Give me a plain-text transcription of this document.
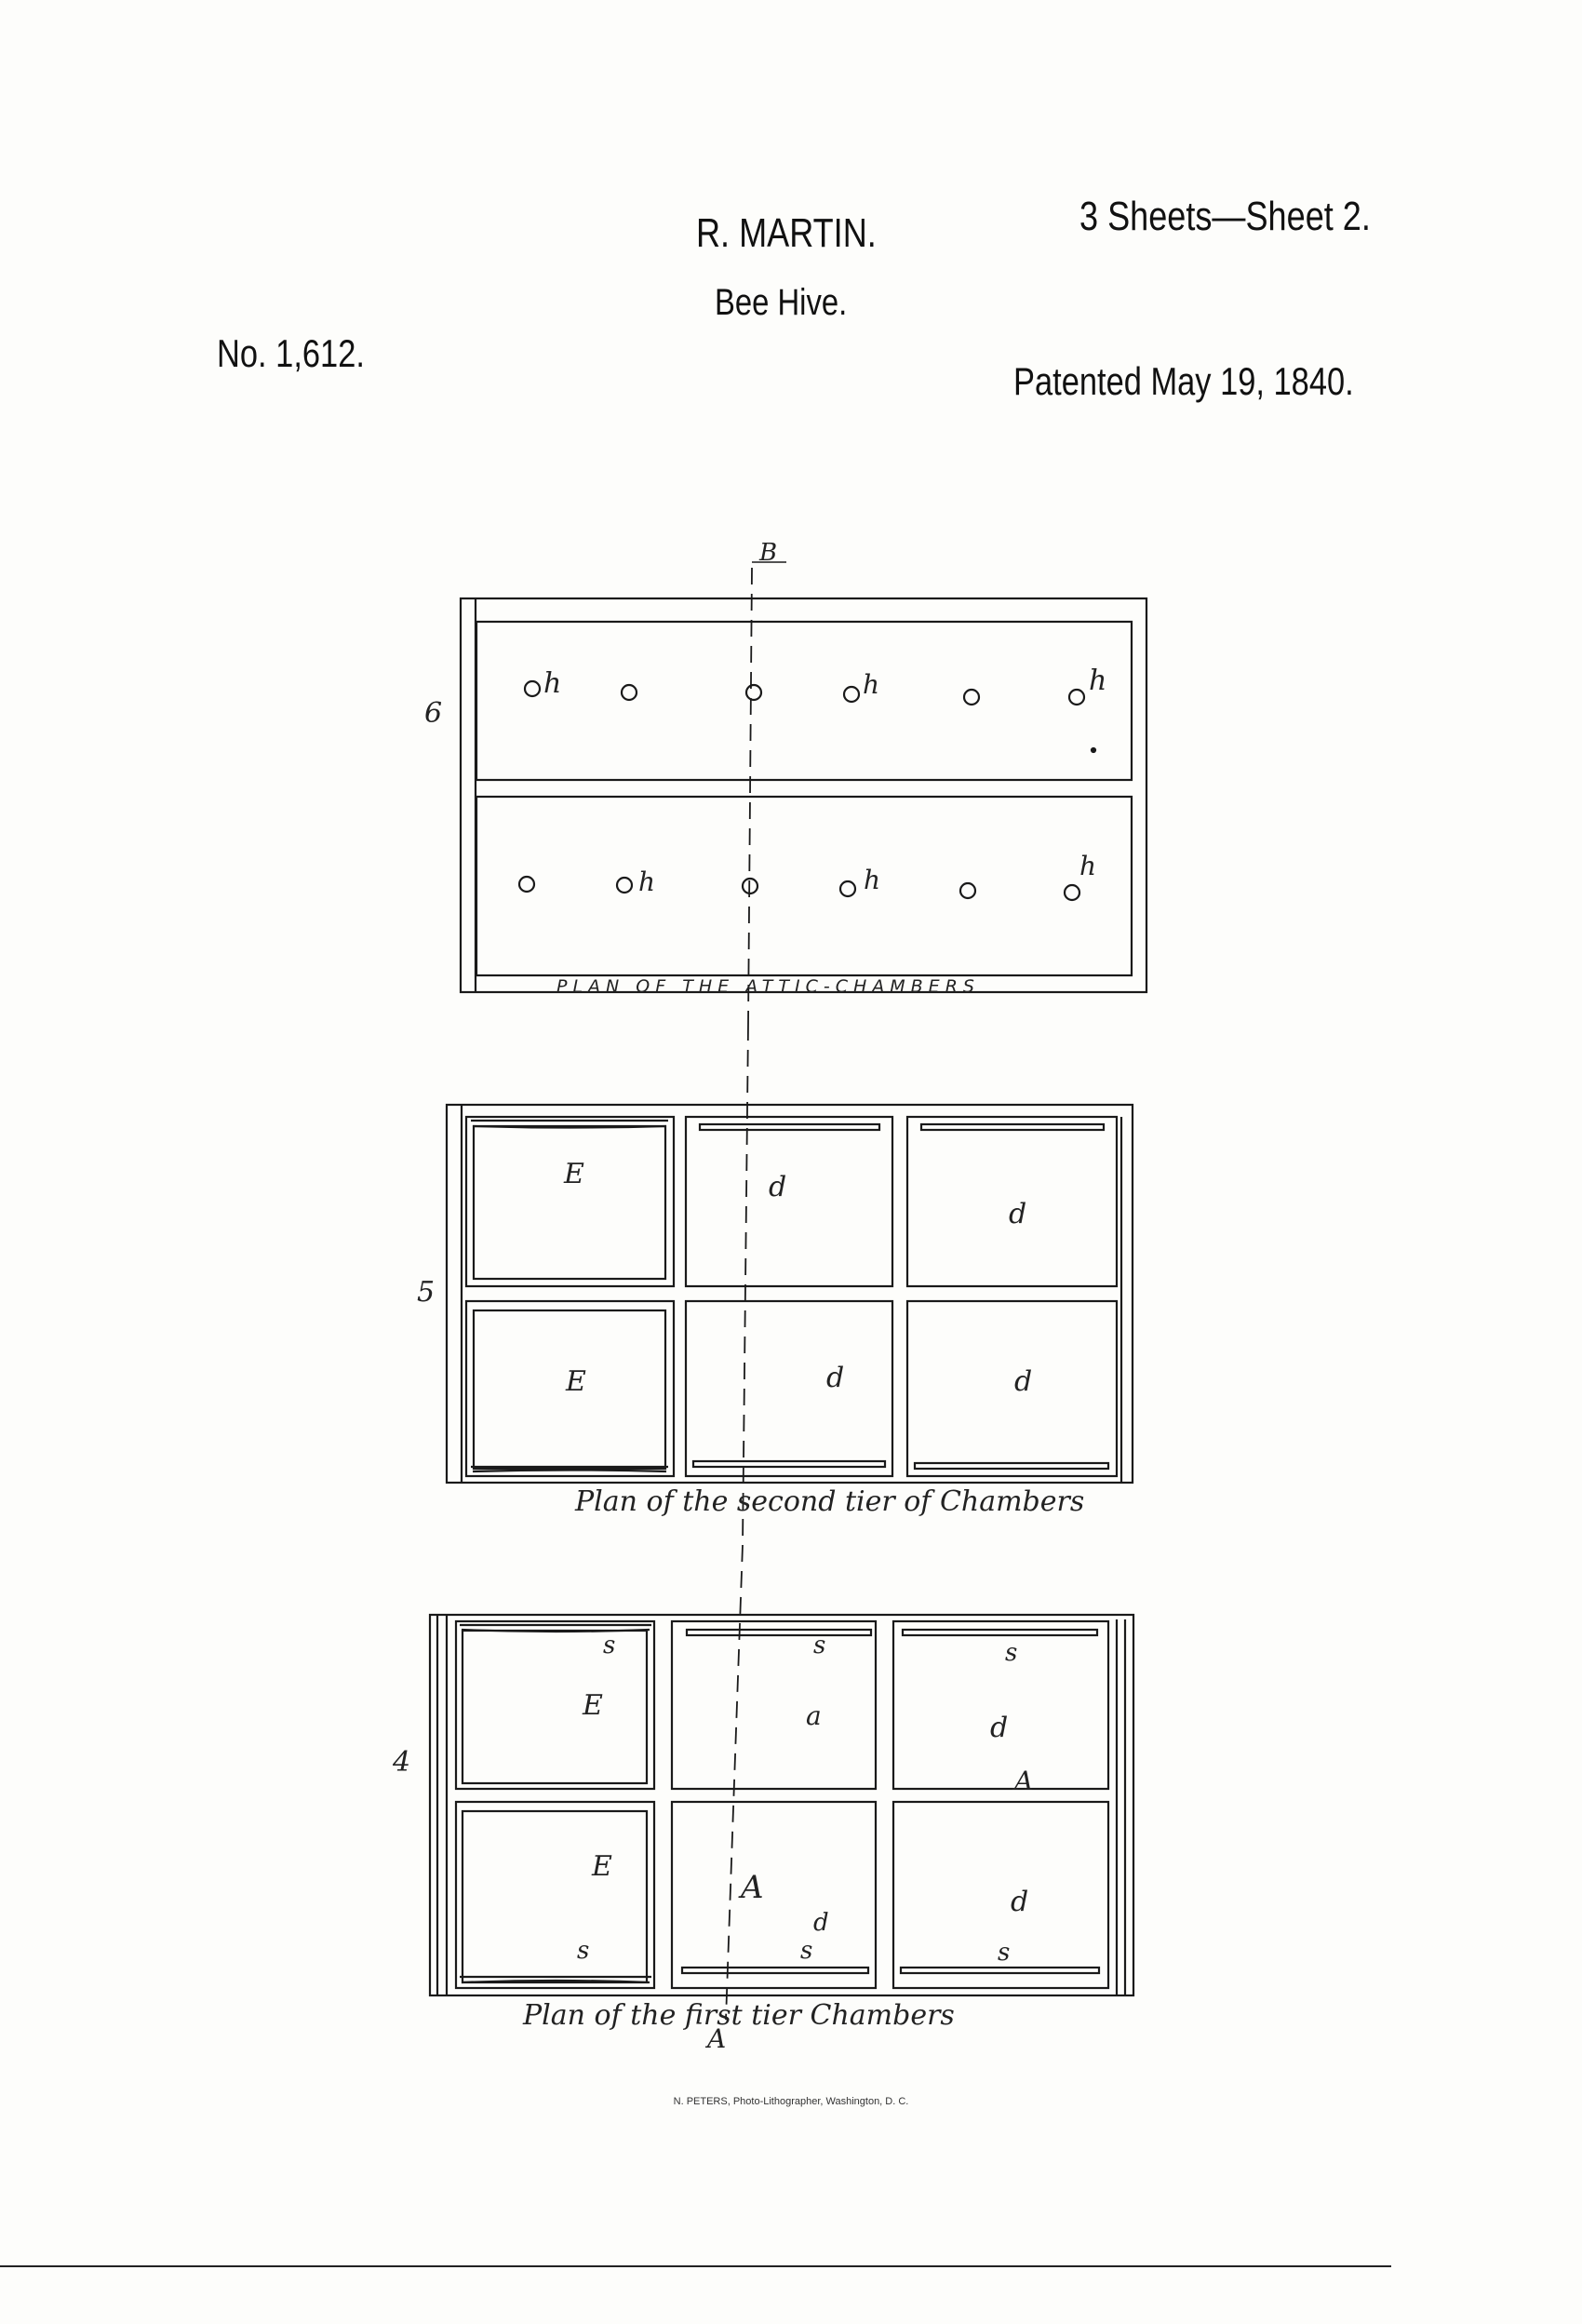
R. MARTIN.
Bee Hive.
3 Sheets—Sheet 2.
No. 1,612.
Patented May 19, 1840.
B
6
PLAN OF THE ATTIC-CHAMBERS
h	h	h
h	h	h
5
E	d
d
E	d	d
Plan of the second tier of Chambers
4
E	a	d
E
A	d
A
d
s	s	s
s	s	s
Plan of the first tier Chambers
A
N. PETERS, Photo-Lithographer, Washington, D. C.
